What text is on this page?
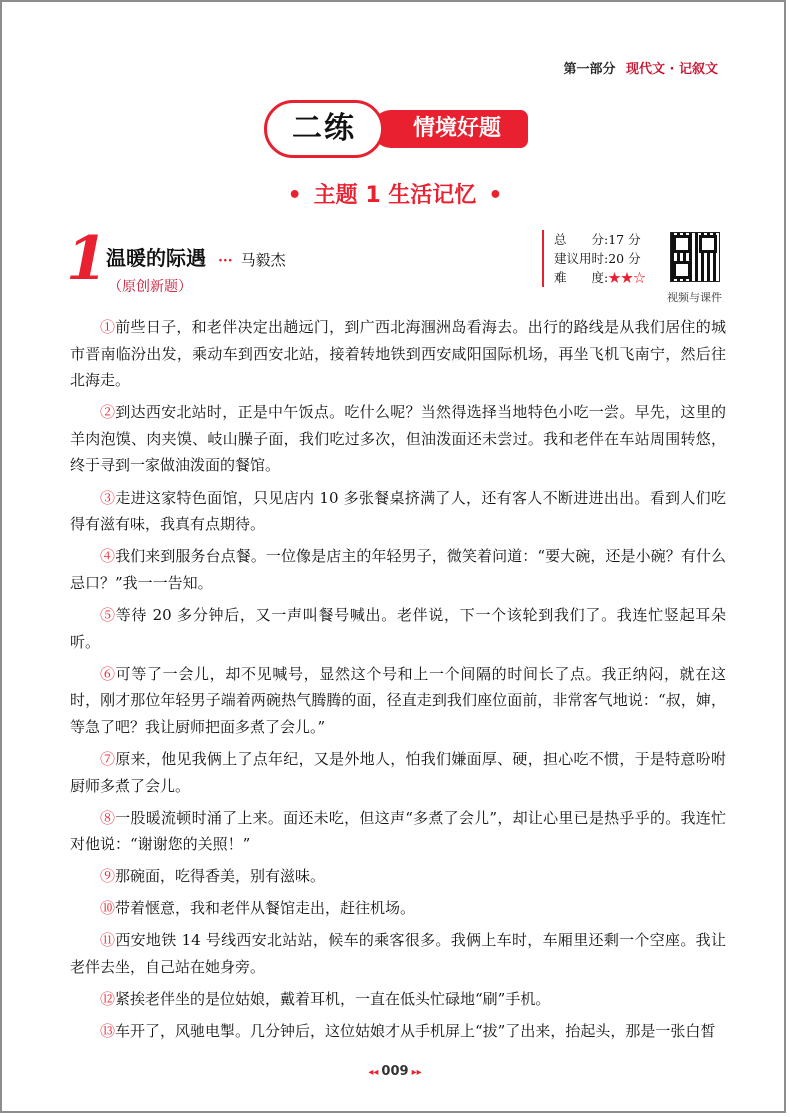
第一部分 现代文 · 记叙文
情境好题
二练
• 主题 1 生活记忆 •
1
温暖的际遇 ··· 马毅杰
（原创新题）
总　　分:17 分
建议用时:20 分
难　　度:★★☆
视频与课件

①前些日子，和老伴决定出趟远门，到广西北海涠洲岛看海去。出行的路线是从我们居住的城市晋南临汾出发，乘动车到西安北站，接着转地铁到西安咸阳国际机场，再坐飞机飞南宁，然后往北海走。

②到达西安北站时，正是中午饭点。吃什么呢？当然得选择当地特色小吃一尝。早先，这里的羊肉泡馍、肉夹馍、岐山臊子面，我们吃过多次，但油泼面还未尝过。我和老伴在车站周围转悠，终于寻到一家做油泼面的餐馆。

③走进这家特色面馆，只见店内 10 多张餐桌挤满了人，还有客人不断进进出出。看到人们吃得有滋有味，我真有点期待。

④我们来到服务台点餐。一位像是店主的年轻男子，微笑着问道：“要大碗，还是小碗？有什么忌口？”我一一告知。

⑤等待 20 多分钟后，又一声叫餐号喊出。老伴说，下一个该轮到我们了。我连忙竖起耳朵听。

⑥可等了一会儿，却不见喊号，显然这个号和上一个间隔的时间长了点。我正纳闷，就在这时，刚才那位年轻男子端着两碗热气腾腾的面，径直走到我们座位面前，非常客气地说：“叔，婶，等急了吧？我让厨师把面多煮了会儿。”

⑦原来，他见我俩上了点年纪，又是外地人，怕我们嫌面厚、硬，担心吃不惯，于是特意吩咐厨师多煮了会儿。

⑧一股暖流顿时涌了上来。面还未吃，但这声“多煮了会儿”，却让心里已是热乎乎的。我连忙对他说：“谢谢您的关照！”

⑨那碗面，吃得香美，别有滋味。

⑩带着惬意，我和老伴从餐馆走出，赶往机场。

⑪西安地铁 14 号线西安北站站，候车的乘客很多。我俩上车时，车厢里还剩一个空座。我让老伴去坐，自己站在她身旁。

⑫紧挨老伴坐的是位姑娘，戴着耳机，一直在低头忙碌地“刷”手机。

⑬车开了，风驰电掣。几分钟后，这位姑娘才从手机屏上“拔”了出来，抬起头，那是一张白皙

◂◂ 009 ▸▸
